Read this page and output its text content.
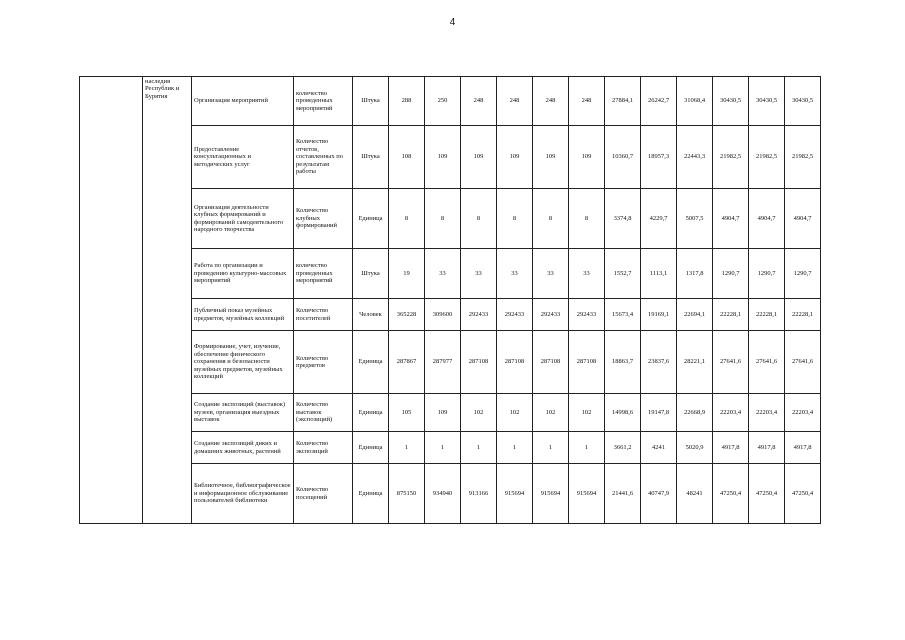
4
	наследия Республик и Бурятия	Организация мероприятий	количество проведенных мероприятий	Штука	288	250	248	248	248	248	27884,1	26242,7	31068,4	30430,5	30430,5	30430,5
		Предоставление консультационных и методических услуг	Количество отчетов, составленных по результатам работы	Штука	108	109	109	109	109	109	10360,7	18957,3	22443,3	21982,5	21982,5	21982,5
		Организация деятельности клубных формирований и формирований самодеятельного народного творчества	Количество клубных формирований	Единица	8	8	8	8	8	8	3374,8	4229,7	5007,5	4904,7	4904,7	4904,7
		Работа по организации и проведению культурно-массовых мероприятий	количество проведенных мероприятий	Штука	19	33	33	33	33	33	1552,7	1113,1	1317,8	1290,7	1290,7	1290,7
		Публичный показ музейных предметов, музейных коллекций	Количество посетителей	Человек	365228	309600	292433	292433	292433	292433	15673,4	19169,1	22694,1	22228,1	22228,1	22228,1
		Формирование, учет, изучение, обеспечение физического сохранения и безопасности музейных предметов, музейных коллекций	Количество предметов	Единица	287867	287977	287108	287108	287108	287108	18863,7	23837,6	28221,1	27641,6	27641,6	27641,6
		Создание экспозиций (выставок) музеев, организация выездных выставок	Количество выставок (экспозиций)	Единица	105	109	102	102	102	102	14998,6	19147,8	22668,9	22203,4	22203,4	22203,4
		Создание экспозиций диких и домашних животных, растений	Количество экспозиций	Единица	1	1	1	1	1	1	3661,2	4241	5020,9	4917,8	4917,8	4917,8
		Библиотечное, библиографическое и информационное обслуживание пользователей библиотеки	Количество посещений	Единица	875150	934940	913166	915694	915694	915694	21441,6	40747,9	48241	47250,4	47250,4	47250,4
